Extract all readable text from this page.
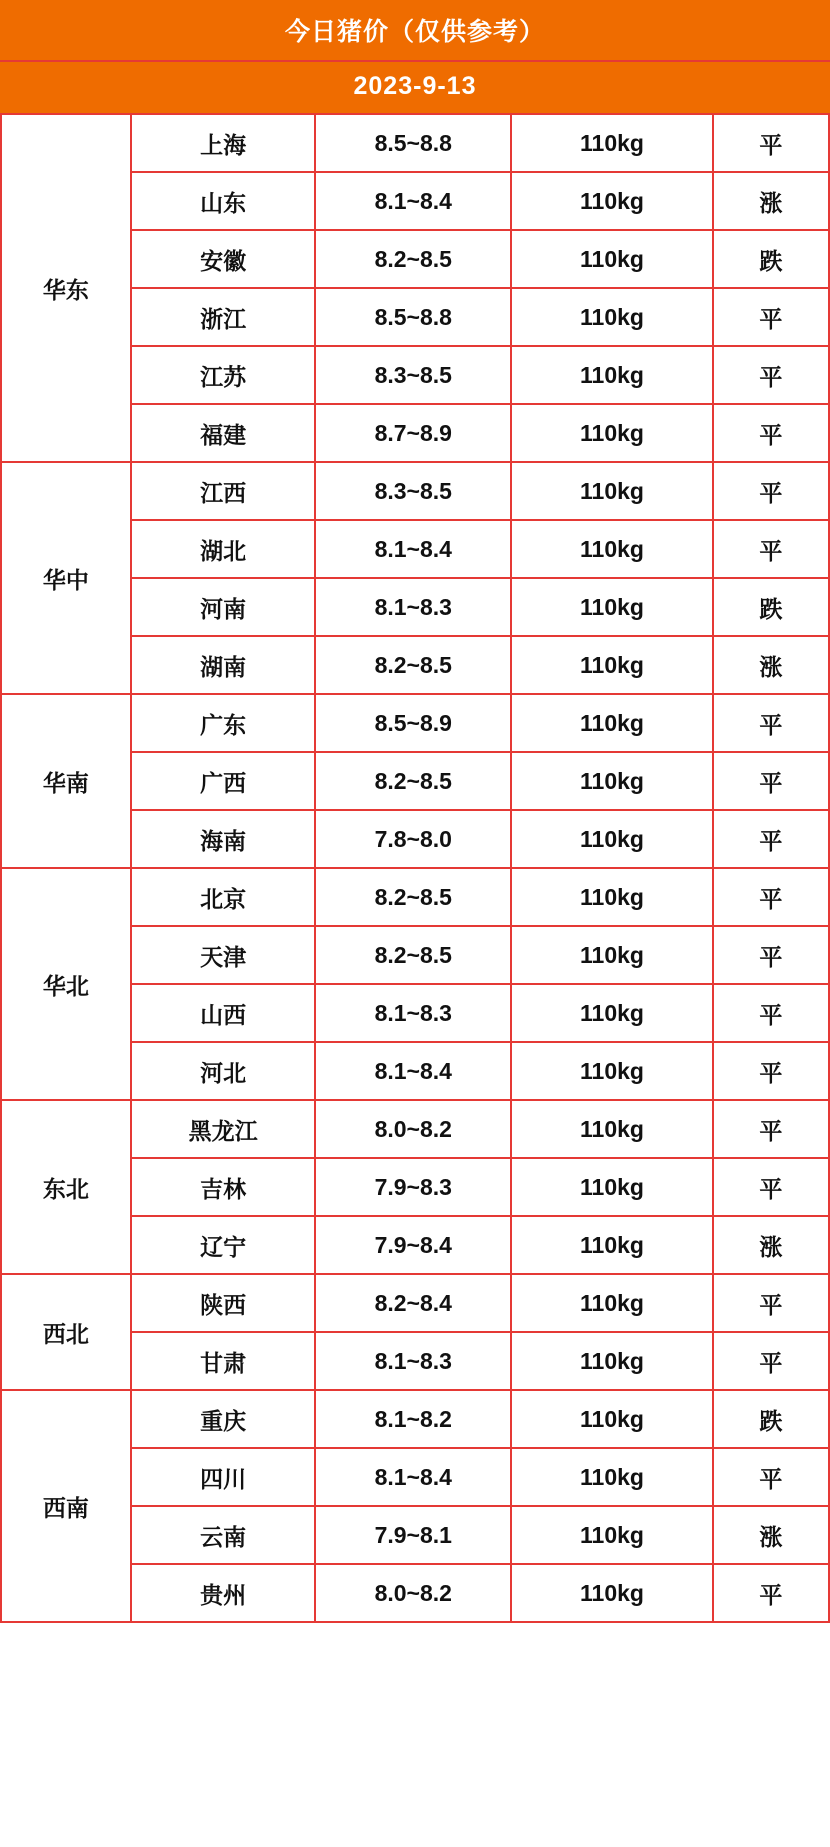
今日猪价（仅供参考）
2023-9-13
华东	上海	8.5~8.8	110kg	平
	山东	8.1~8.4	110kg	涨
	安徽	8.2~8.5	110kg	跌
	浙江	8.5~8.8	110kg	平
	江苏	8.3~8.5	110kg	平
	福建	8.7~8.9	110kg	平
华中	江西	8.3~8.5	110kg	平
	湖北	8.1~8.4	110kg	平
	河南	8.1~8.3	110kg	跌
	湖南	8.2~8.5	110kg	涨
华南	广东	8.5~8.9	110kg	平
	广西	8.2~8.5	110kg	平
	海南	7.8~8.0	110kg	平
华北	北京	8.2~8.5	110kg	平
	天津	8.2~8.5	110kg	平
	山西	8.1~8.3	110kg	平
	河北	8.1~8.4	110kg	平
东北	黑龙江	8.0~8.2	110kg	平
	吉林	7.9~8.3	110kg	平
	辽宁	7.9~8.4	110kg	涨
西北	陕西	8.2~8.4	110kg	平
	甘肃	8.1~8.3	110kg	平
西南	重庆	8.1~8.2	110kg	跌
	四川	8.1~8.4	110kg	平
	云南	7.9~8.1	110kg	涨
	贵州	8.0~8.2	110kg	平
